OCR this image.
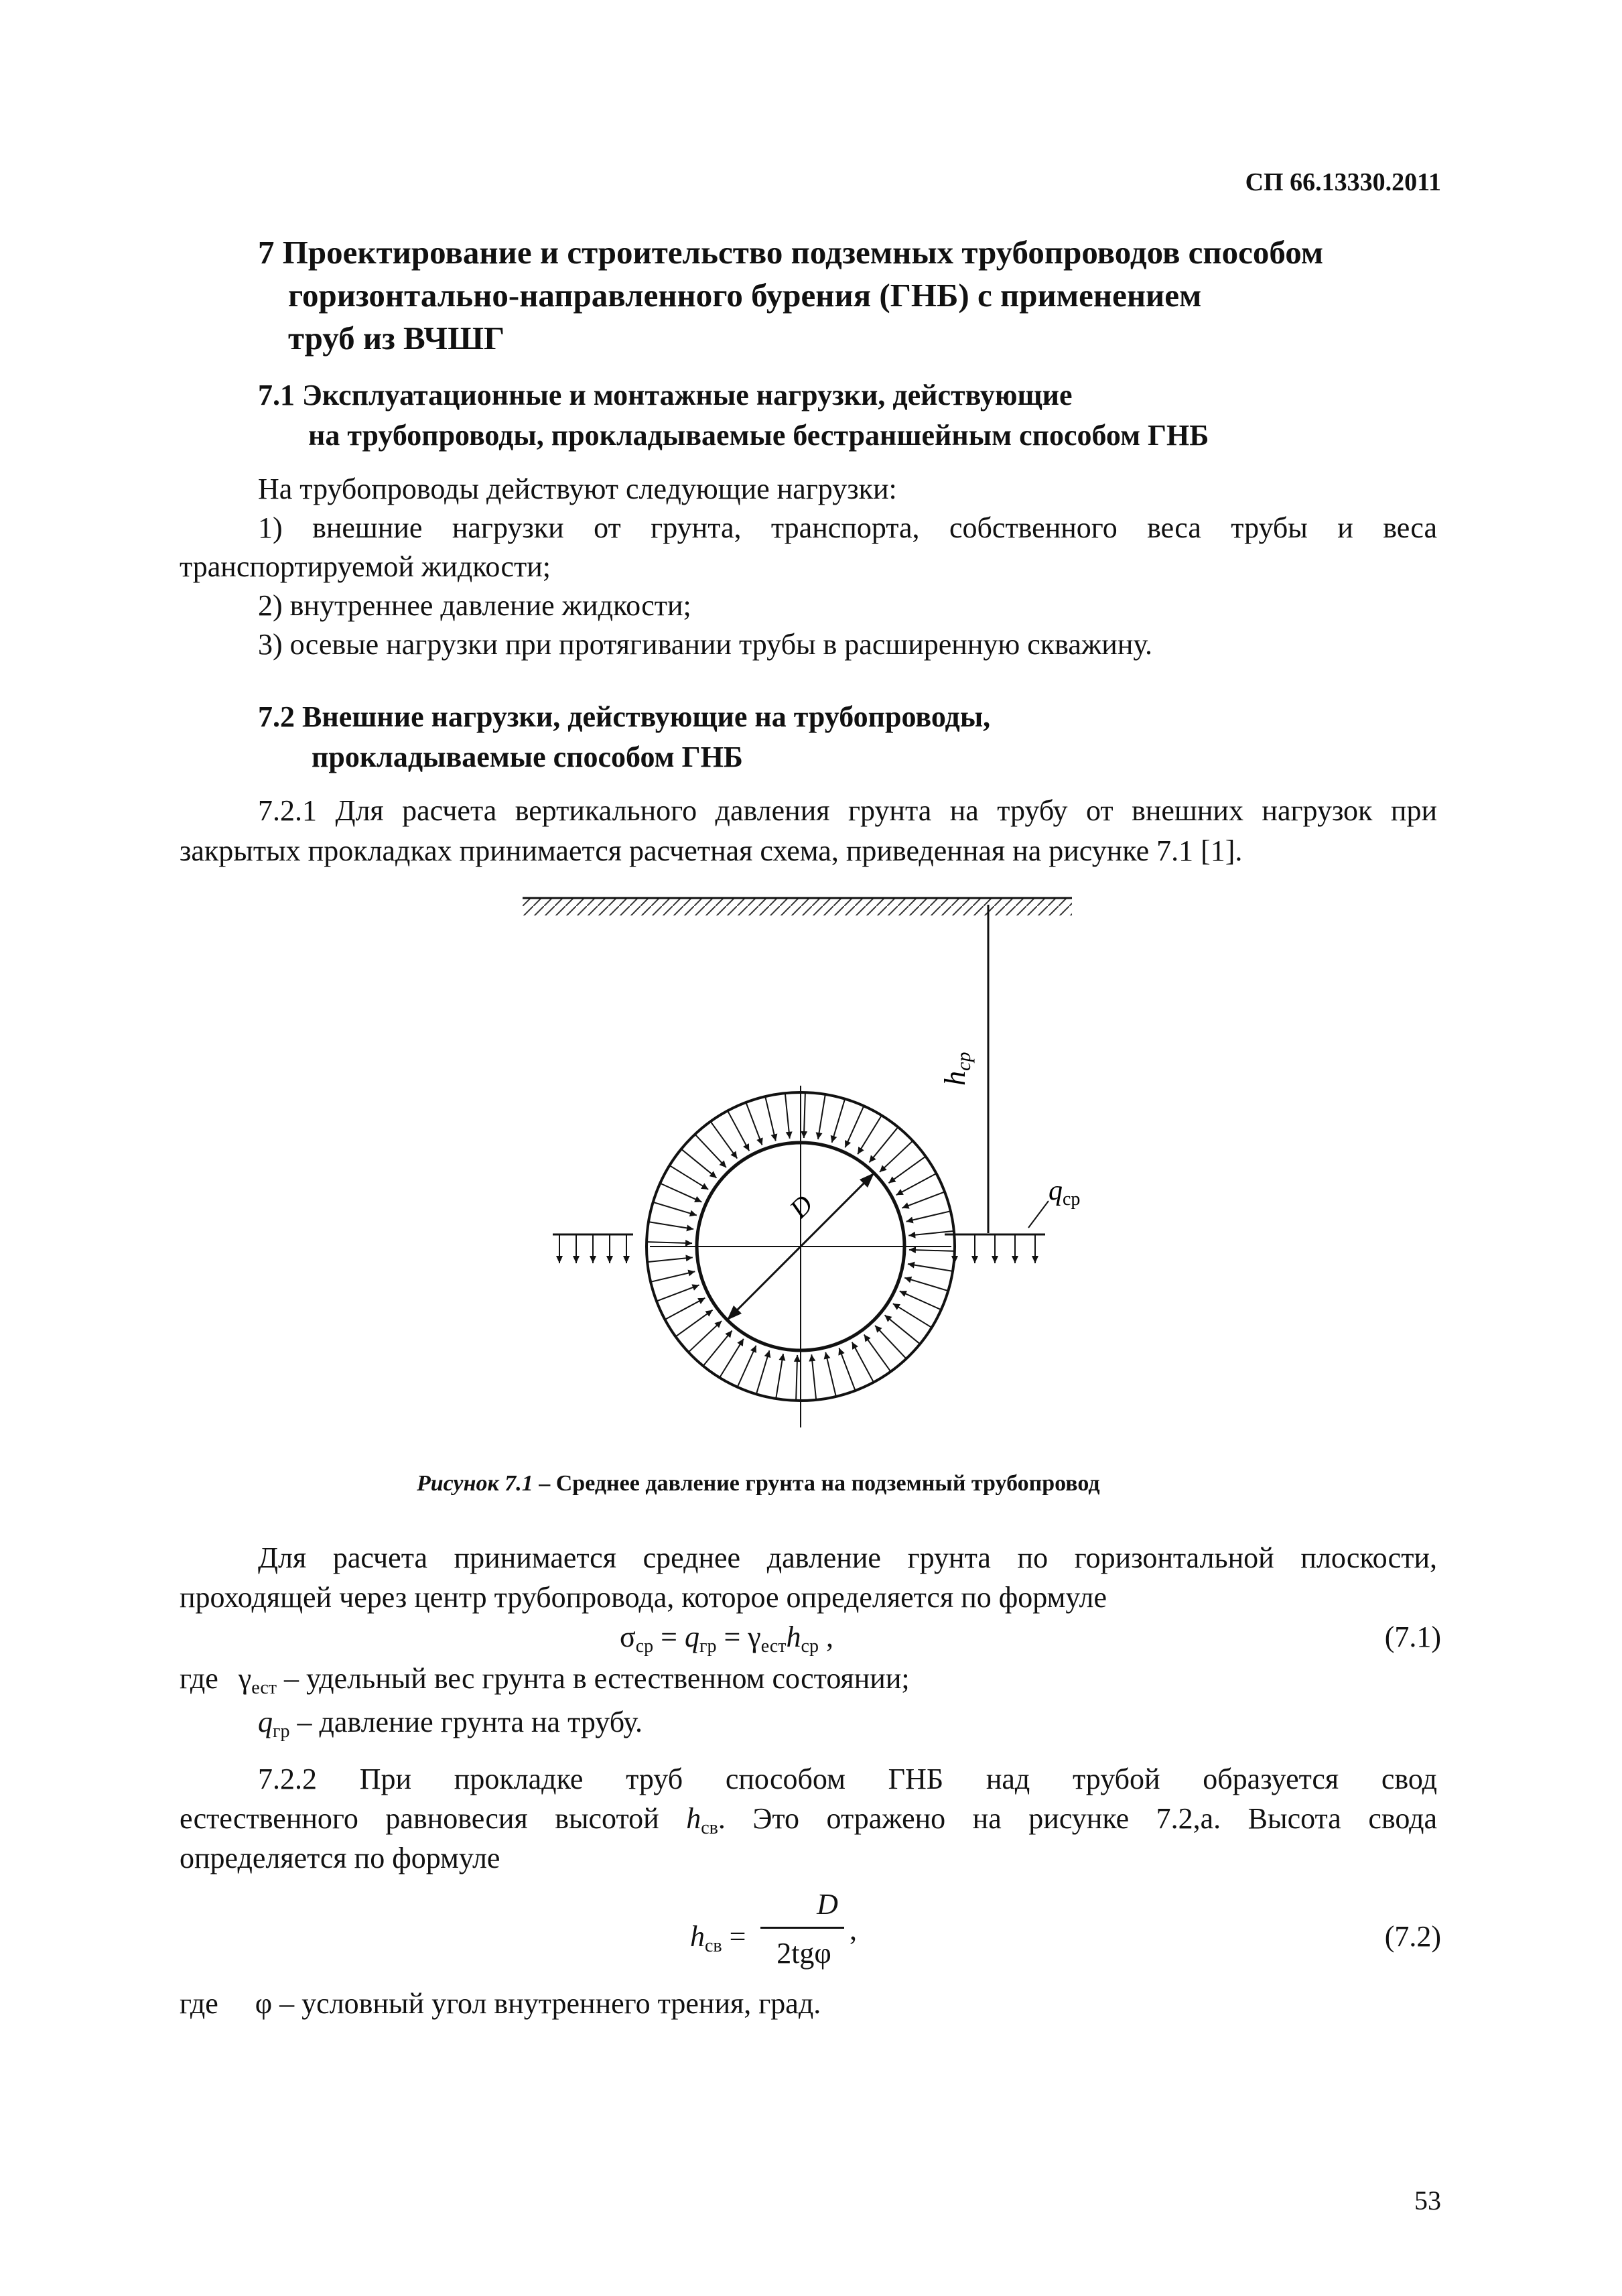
СП 66.13330.2011
7 Проектирование и строительство подземных трубопроводов способом
горизонтально-направленного бурения (ГНБ) с применением
труб из ВЧШГ
7.1 Эксплуатационные и монтажные нагрузки, действующие
на трубопроводы, прокладываемые бестраншейным способом ГНБ
На трубопроводы действуют следующие нагрузки:
1) внешние нагрузки от грунта, транспорта, собственного веса трубы и веса
транспортируемой жидкости;
2) внутреннее давление жидкости;
3) осевые нагрузки при протягивании трубы в расширенную скважину.
7.2 Внешние нагрузки, действующие на трубопроводы,
прокладываемые способом ГНБ
7.2.1 Для расчета вертикального давления грунта на трубу от внешних нагрузок при
закрытых прокладках принимается расчетная схема, приведенная на рисунке 7.1 [1].
hср
qср
D
Рисунок 7.1 – Среднее давление грунта на подземный трубопровод
Для расчета принимается среднее давление грунта по горизонтальной плоскости,
проходящей через центр трубопровода, которое определяется по формуле
$\sigma_{ср} = q_{гр} = \gamma_{ест}h_{ср}$ ,	(7.1)
где $\gamma_{ест}$ – удельный вес грунта в естественном состоянии;
$q_{гр}$ – давление грунта на трубу.
7.2.2 При прокладке труб способом ГНБ над трубой образуется свод
естественного равновесия высотой $h_{св}$. Это отражено на рисунке 7.2,а. Высота свода
определяется по формуле
$h_{св}$ =
D
2tgφ
,	(7.2)
где φ – условный угол внутреннего трения, град.
53
